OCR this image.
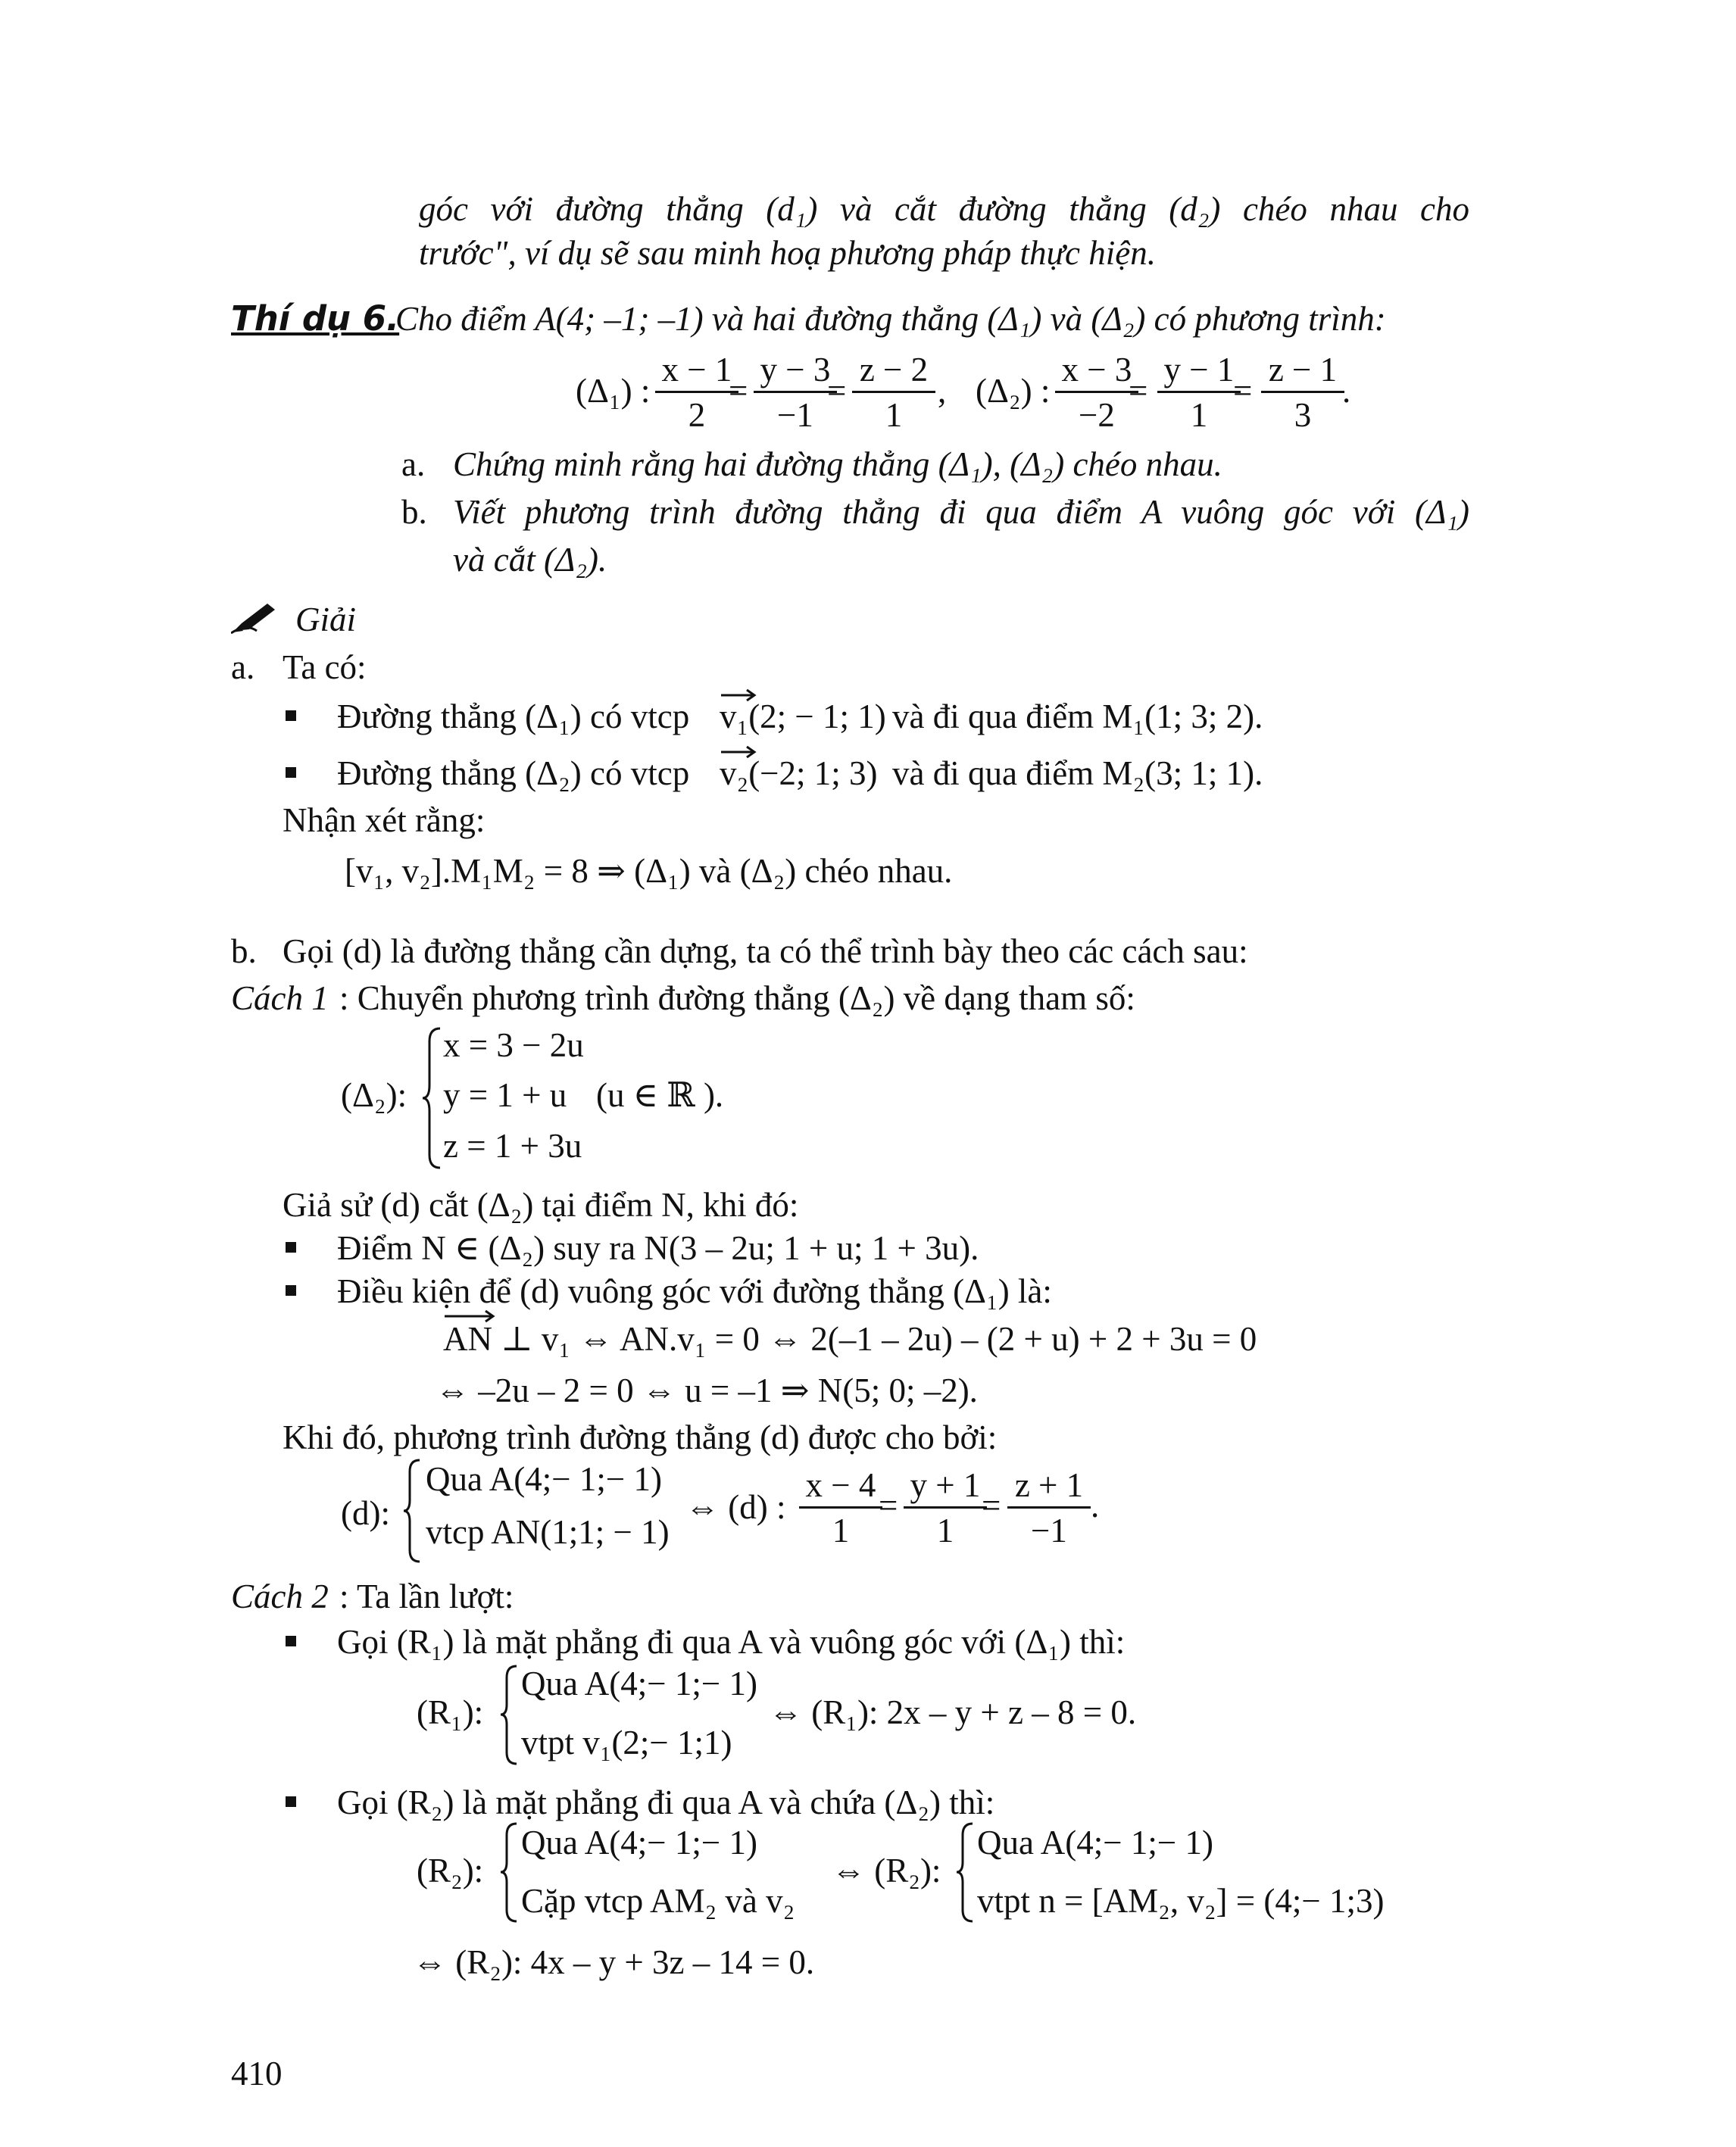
góc với đường thẳng (d₁) và cắt đường thẳng (d₂) chéo nhau cho
trước", ví dụ sẽ sau minh hoạ phương pháp thực hiện.
Thí dụ 6.
Cho điểm A(4; –1; –1) và hai đường thẳng (Δ₁) và (Δ₂) có phương trình:
(Δ₁) :
x − 1
2
=
y − 3
−1
=
z − 2
1
, (Δ₂) :
x − 3
−2
=
y − 1
1
=
z − 1
3
.
a. Chứng minh rằng hai đường thẳng (Δ₁), (Δ₂) chéo nhau.
b. Viết phương trình đường thẳng đi qua điểm A vuông góc với (Δ₁)
và cắt (Δ₂).
Giải
a. Ta có:
Đường thẳng (Δ₁) có vtcp v₁(2; − 1; 1) và đi qua điểm M₁(1; 3; 2).
Đường thẳng (Δ₂) có vtcp v₂(−2; 1; 3) và đi qua điểm M₂(3; 1; 1).
Nhận xét rằng:
[v₁, v₂].M₁M₂ = 8 ⇒ (Δ₁) và (Δ₂) chéo nhau.
b. Gọi (d) là đường thẳng cần dựng, ta có thể trình bày theo các cách sau:
Cách 1 : Chuyển phương trình đường thẳng (Δ₂) về dạng tham số:
(Δ₂):
x = 3 − 2u
y = 1 + u
z = 1 + 3u
(u ∈ ℝ ).
Giả sử (d) cắt (Δ₂) tại điểm N, khi đó:
Điểm N ∈ (Δ₂) suy ra N(3 – 2u; 1 + u; 1 + 3u).
Điều kiện để (d) vuông góc với đường thẳng (Δ₁) là:
AN ⊥ v₁ ⇔ AN.v₁ = 0 ⇔ 2(–1 – 2u) – (2 + u) + 2 + 3u = 0
⇔ –2u – 2 = 0 ⇔ u = –1 ⇒ N(5; 0; –2).
Khi đó, phương trình đường thẳng (d) được cho bởi:
(d):
Qua A(4;− 1;− 1)
vtcp AN(1;1; − 1)
⇔ (d) :
x − 4
1
=
y + 1
1
=
z + 1
−1
.
Cách 2 : Ta lần lượt:
Gọi (R₁) là mặt phẳng đi qua A và vuông góc với (Δ₁) thì:
(R₁):
Qua A(4;− 1;− 1)
vtpt v₁(2;− 1;1)
⇔ (R₁): 2x – y + z – 8 = 0.
Gọi (R₂) là mặt phẳng đi qua A và chứa (Δ₂) thì:
(R₂):
Qua A(4;− 1;− 1)
Cặp vtcp AM₂ và v₂
⇔ (R₂):
Qua A(4;− 1;− 1)
vtpt n = [AM₂, v₂] = (4;− 1;3)
⇔ (R₂): 4x – y + 3z – 14 = 0.
410
